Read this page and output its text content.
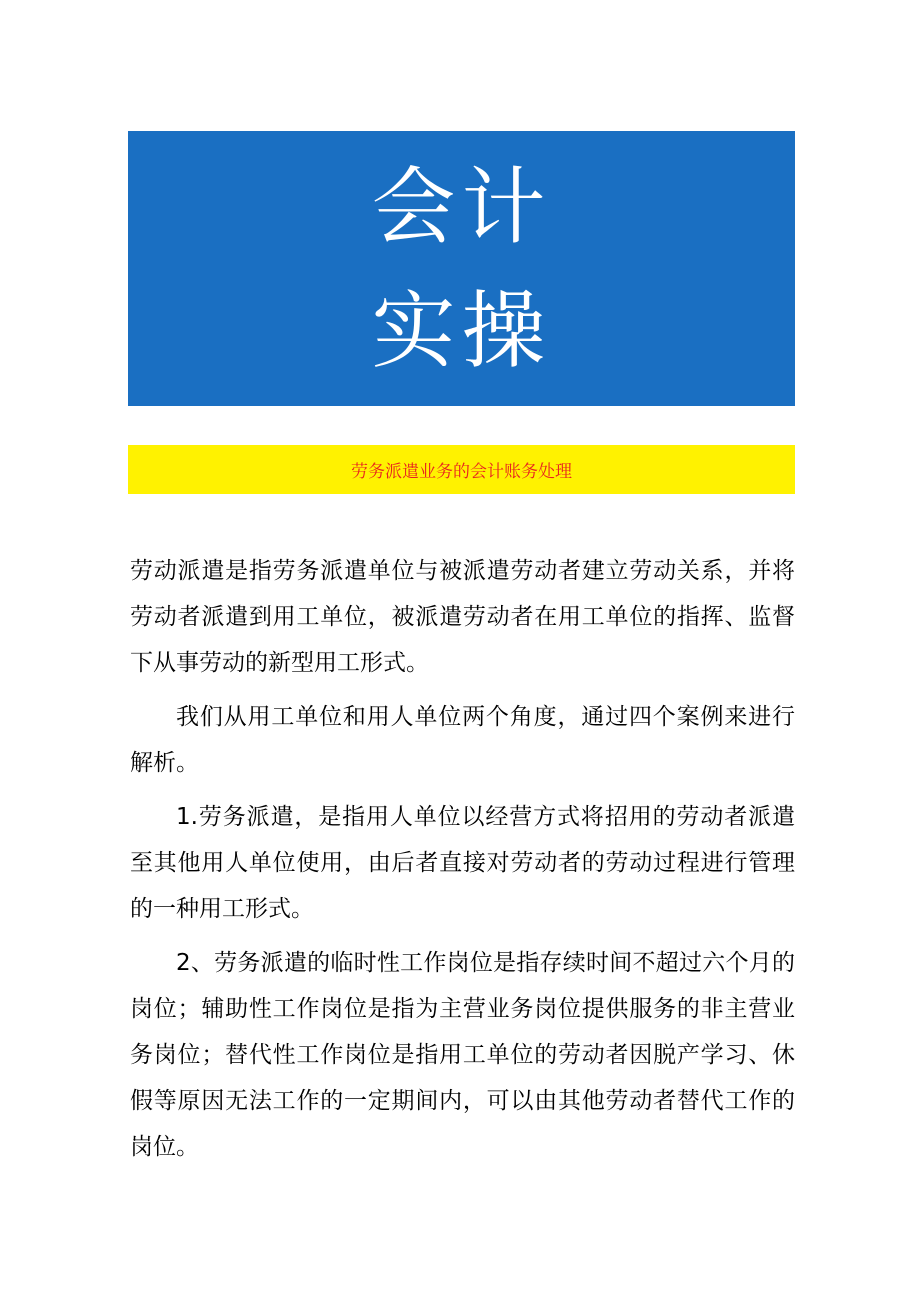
会计
实操
劳务派遣业务的会计账务处理

劳动派遣是指劳务派遣单位与被派遣劳动者建立劳动关系，并将劳动者派遣到用工单位，被派遣劳动者在用工单位的指挥、监督下从事劳动的新型用工形式。

我们从用工单位和用人单位两个角度，通过四个案例来进行解析。

1.劳务派遣，是指用人单位以经营方式将招用的劳动者派遣至其他用人单位使用，由后者直接对劳动者的劳动过程进行管理的一种用工形式。

2、劳务派遣的临时性工作岗位是指存续时间不超过六个月的岗位；辅助性工作岗位是指为主营业务岗位提供服务的非主营业务岗位；替代性工作岗位是指用工单位的劳动者因脱产学习、休假等原因无法工作的一定期间内，可以由其他劳动者替代工作的岗位。
